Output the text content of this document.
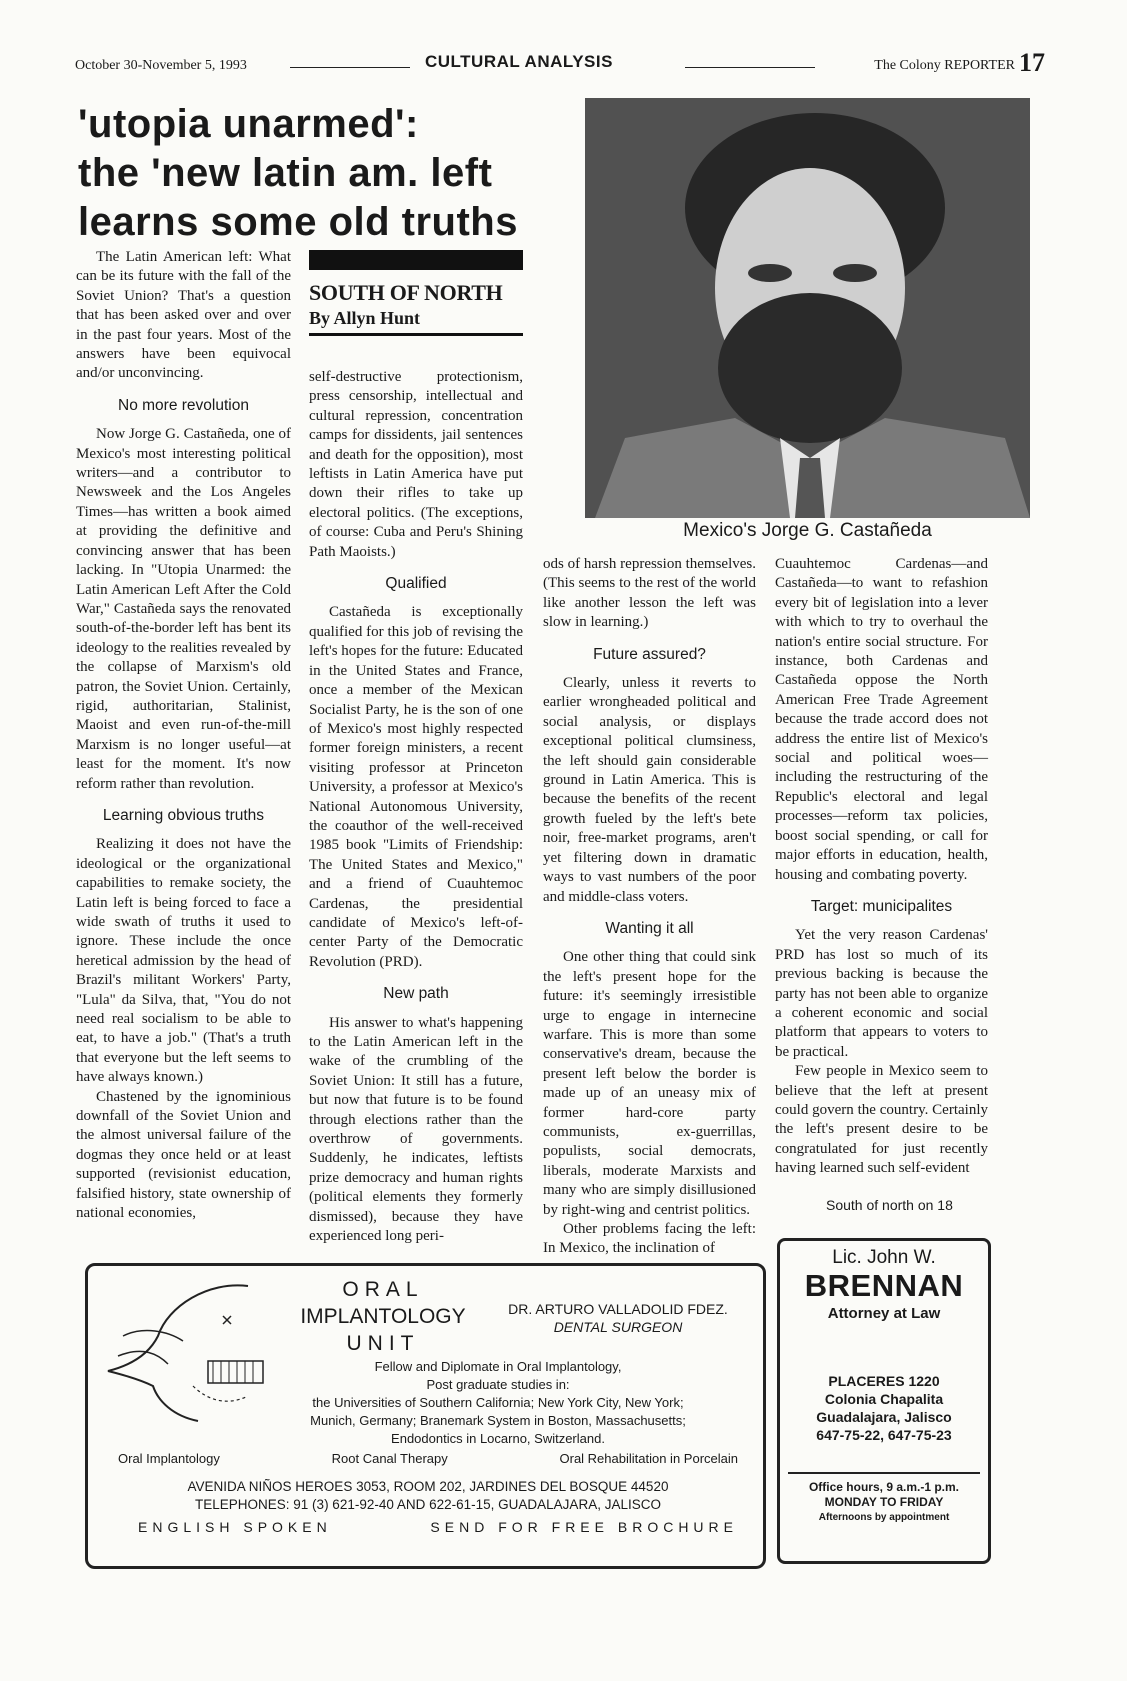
October 30-November 5, 1993	CULTURAL ANALYSIS	The Colony REPORTER 17
'utopia unarmed':
the 'new latin am. left
learns some old truths
Mexico's Jorge G. Castañeda
SOUTH OF NORTH
By Allyn Hunt

The Latin American left: What can be its future with the fall of the Soviet Union? That's a question that has been asked over and over in the past four years. Most of the answers have been equivocal and/or unconvincing.

No more revolution

Now Jorge G. Castañeda, one of Mexico's most interesting political writers—and a contributor to Newsweek and the Los Angeles Times—has written a book aimed at providing the definitive and convincing answer that has been lacking. In "Utopia Unarmed: the Latin American Left After the Cold War," Castañeda says the renovated south-of-the-border left has bent its ideology to the realities revealed by the collapse of Marxism's old patron, the Soviet Union. Certainly, rigid, authoritarian, Stalinist, Maoist and even run-of-the-mill Marxism is no longer useful—at least for the moment. It's now reform rather than revolution.

Learning obvious truths

Realizing it does not have the ideological or the organizational capabilities to remake society, the Latin left is being forced to face a wide swath of truths it used to ignore. These include the once heretical admission by the head of Brazil's militant Workers' Party, "Lula" da Silva, that, "You do not need real socialism to be able to eat, to have a job." (That's a truth that everyone but the left seems to have always known.)

Chastened by the ignominious downfall of the Soviet Union and the almost universal failure of the dogmas they once held or at least supported (revisionist education, falsified history, state ownership of national economies,

self-destructive protectionism, press censorship, intellectual and cultural repression, concentration camps for dissidents, jail sentences and death for the opposition), most leftists in Latin America have put down their rifles to take up electoral politics. (The exceptions, of course: Cuba and Peru's Shining Path Maoists.)

Qualified

Castañeda is exceptionally qualified for this job of revising the left's hopes for the future: Educated in the United States and France, once a member of the Mexican Socialist Party, he is the son of one of Mexico's most highly respected former foreign ministers, a recent visiting professor at Princeton University, a professor at Mexico's National Autonomous University, the coauthor of the well-received 1985 book "Limits of Friendship: The United States and Mexico," and a friend of Cuauhtemoc Cardenas, the presidential candidate of Mexico's left-of-center Party of the Democratic Revolution (PRD).

New path

His answer to what's happening to the Latin American left in the wake of the crumbling of the Soviet Union: It still has a future, but now that future is to be found through elections rather than the overthrow of governments. Suddenly, he indicates, leftists prize democracy and human rights (political elements they formerly dismissed), because they have experienced long peri-

ods of harsh repression themselves. (This seems to the rest of the world like another lesson the left was slow in learning.)

Future assured?

Clearly, unless it reverts to earlier wrongheaded political and social analysis, or displays exceptional political clumsiness, the left should gain considerable ground in Latin America. This is because the benefits of the recent growth fueled by the left's bete noir, free-market programs, aren't yet filtering down in dramatic ways to vast numbers of the poor and middle-class voters.

Wanting it all

One other thing that could sink the left's present hope for the future: it's seemingly irresistible urge to engage in internecine warfare. This is more than some conservative's dream, because the present left below the border is made up of an uneasy mix of former hard-core party communists, ex-guerrillas, populists, social democrats, liberals, moderate Marxists and many who are simply disillusioned by right-wing and centrist politics.

Other problems facing the left: In Mexico, the inclination of

Cuauhtemoc Cardenas—and Castañeda—to want to refashion every bit of legislation into a lever with which to try to overhaul the nation's entire social structure. For instance, both Cardenas and Castañeda oppose the North American Free Trade Agreement because the trade accord does not address the entire list of Mexico's social and political woes—including the restructuring of the Republic's electoral and legal processes—reform tax policies, boost social spending, or call for major efforts in education, health, housing and combating poverty.

Target: municipalites

Yet the very reason Cardenas' PRD has lost so much of its previous backing is because the party has not been able to organize a coherent economic and social platform that appears to voters to be practical.

Few people in Mexico seem to believe that the left at present could govern the country. Certainly the left's present desire to be congratulated for just recently having learned such self-evident

South of north on 18
ORAL
IMPLANTOLOGY
UNIT
DR. ARTURO VALLADOLID FDEZ.
DENTAL SURGEON
Fellow and Diplomate in Oral Implantology,
Post graduate studies in:
the Universities of Southern California; New York City, New York;
Munich, Germany; Branemark System in Boston, Massachusetts;
Endodontics in Locarno, Switzerland.
Oral Implantology	Root Canal Therapy	Oral Rehabilitation in Porcelain
AVENIDA NIÑOS HEROES 3053, ROOM 202, JARDINES DEL BOSQUE 44520
TELEPHONES: 91 (3) 621-92-40 AND 622-61-15, GUADALAJARA, JALISCO
ENGLISH SPOKEN	SEND FOR FREE BROCHURE
Lic. John W.
BRENNAN
Attorney at Law
PLACERES 1220
Colonia Chapalita
Guadalajara, Jalisco
647-75-22, 647-75-23
Office hours, 9 a.m.-1 p.m.
MONDAY TO FRIDAY
Afternoons by appointment
